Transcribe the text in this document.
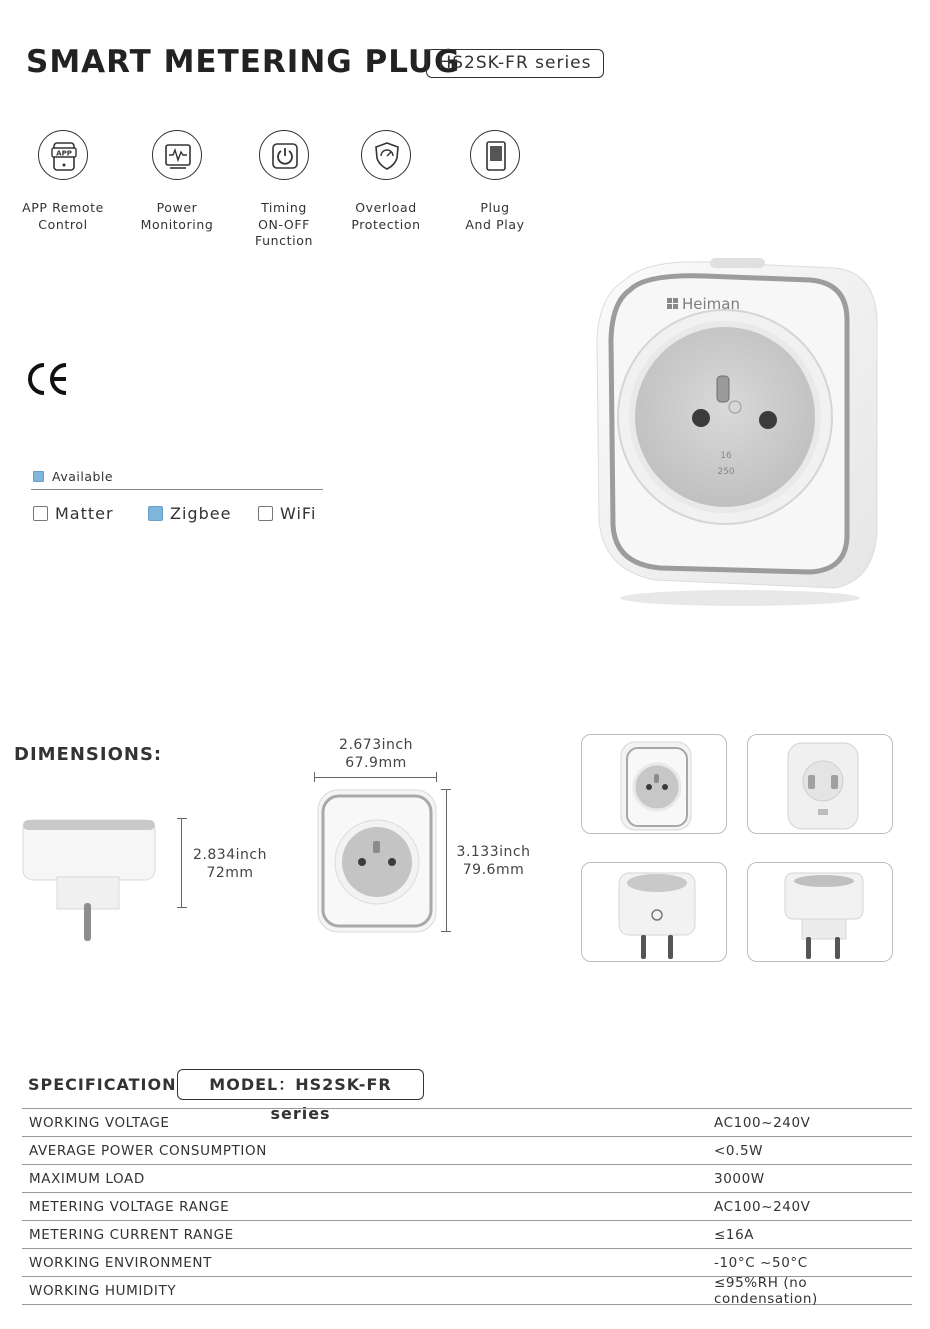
SMART METERING PLUG
HS2SK-FR series
APP
APP Remote
Control
Power
Monitoring
Timing
ON-OFF
Function
Overload
Protection
Plug
And Play
Available
Matter	Zigbee	WiFi
16
250
Heiman
DIMENSIONS:
2.834inch
72mm
2.673inch
67.9mm
3.133inch
79.6mm
SPECIFICATION	MODEL：HS2SK-FR series
WORKING VOLTAGE	AC100~240V
AVERAGE POWER CONSUMPTION	<0.5W
MAXIMUM LOAD	3000W
METERING VOLTAGE RANGE	AC100~240V
METERING CURRENT RANGE	≤16A
WORKING ENVIRONMENT	-10°C ~50°C
WORKING HUMIDITY	≤95%RH (no condensation)
